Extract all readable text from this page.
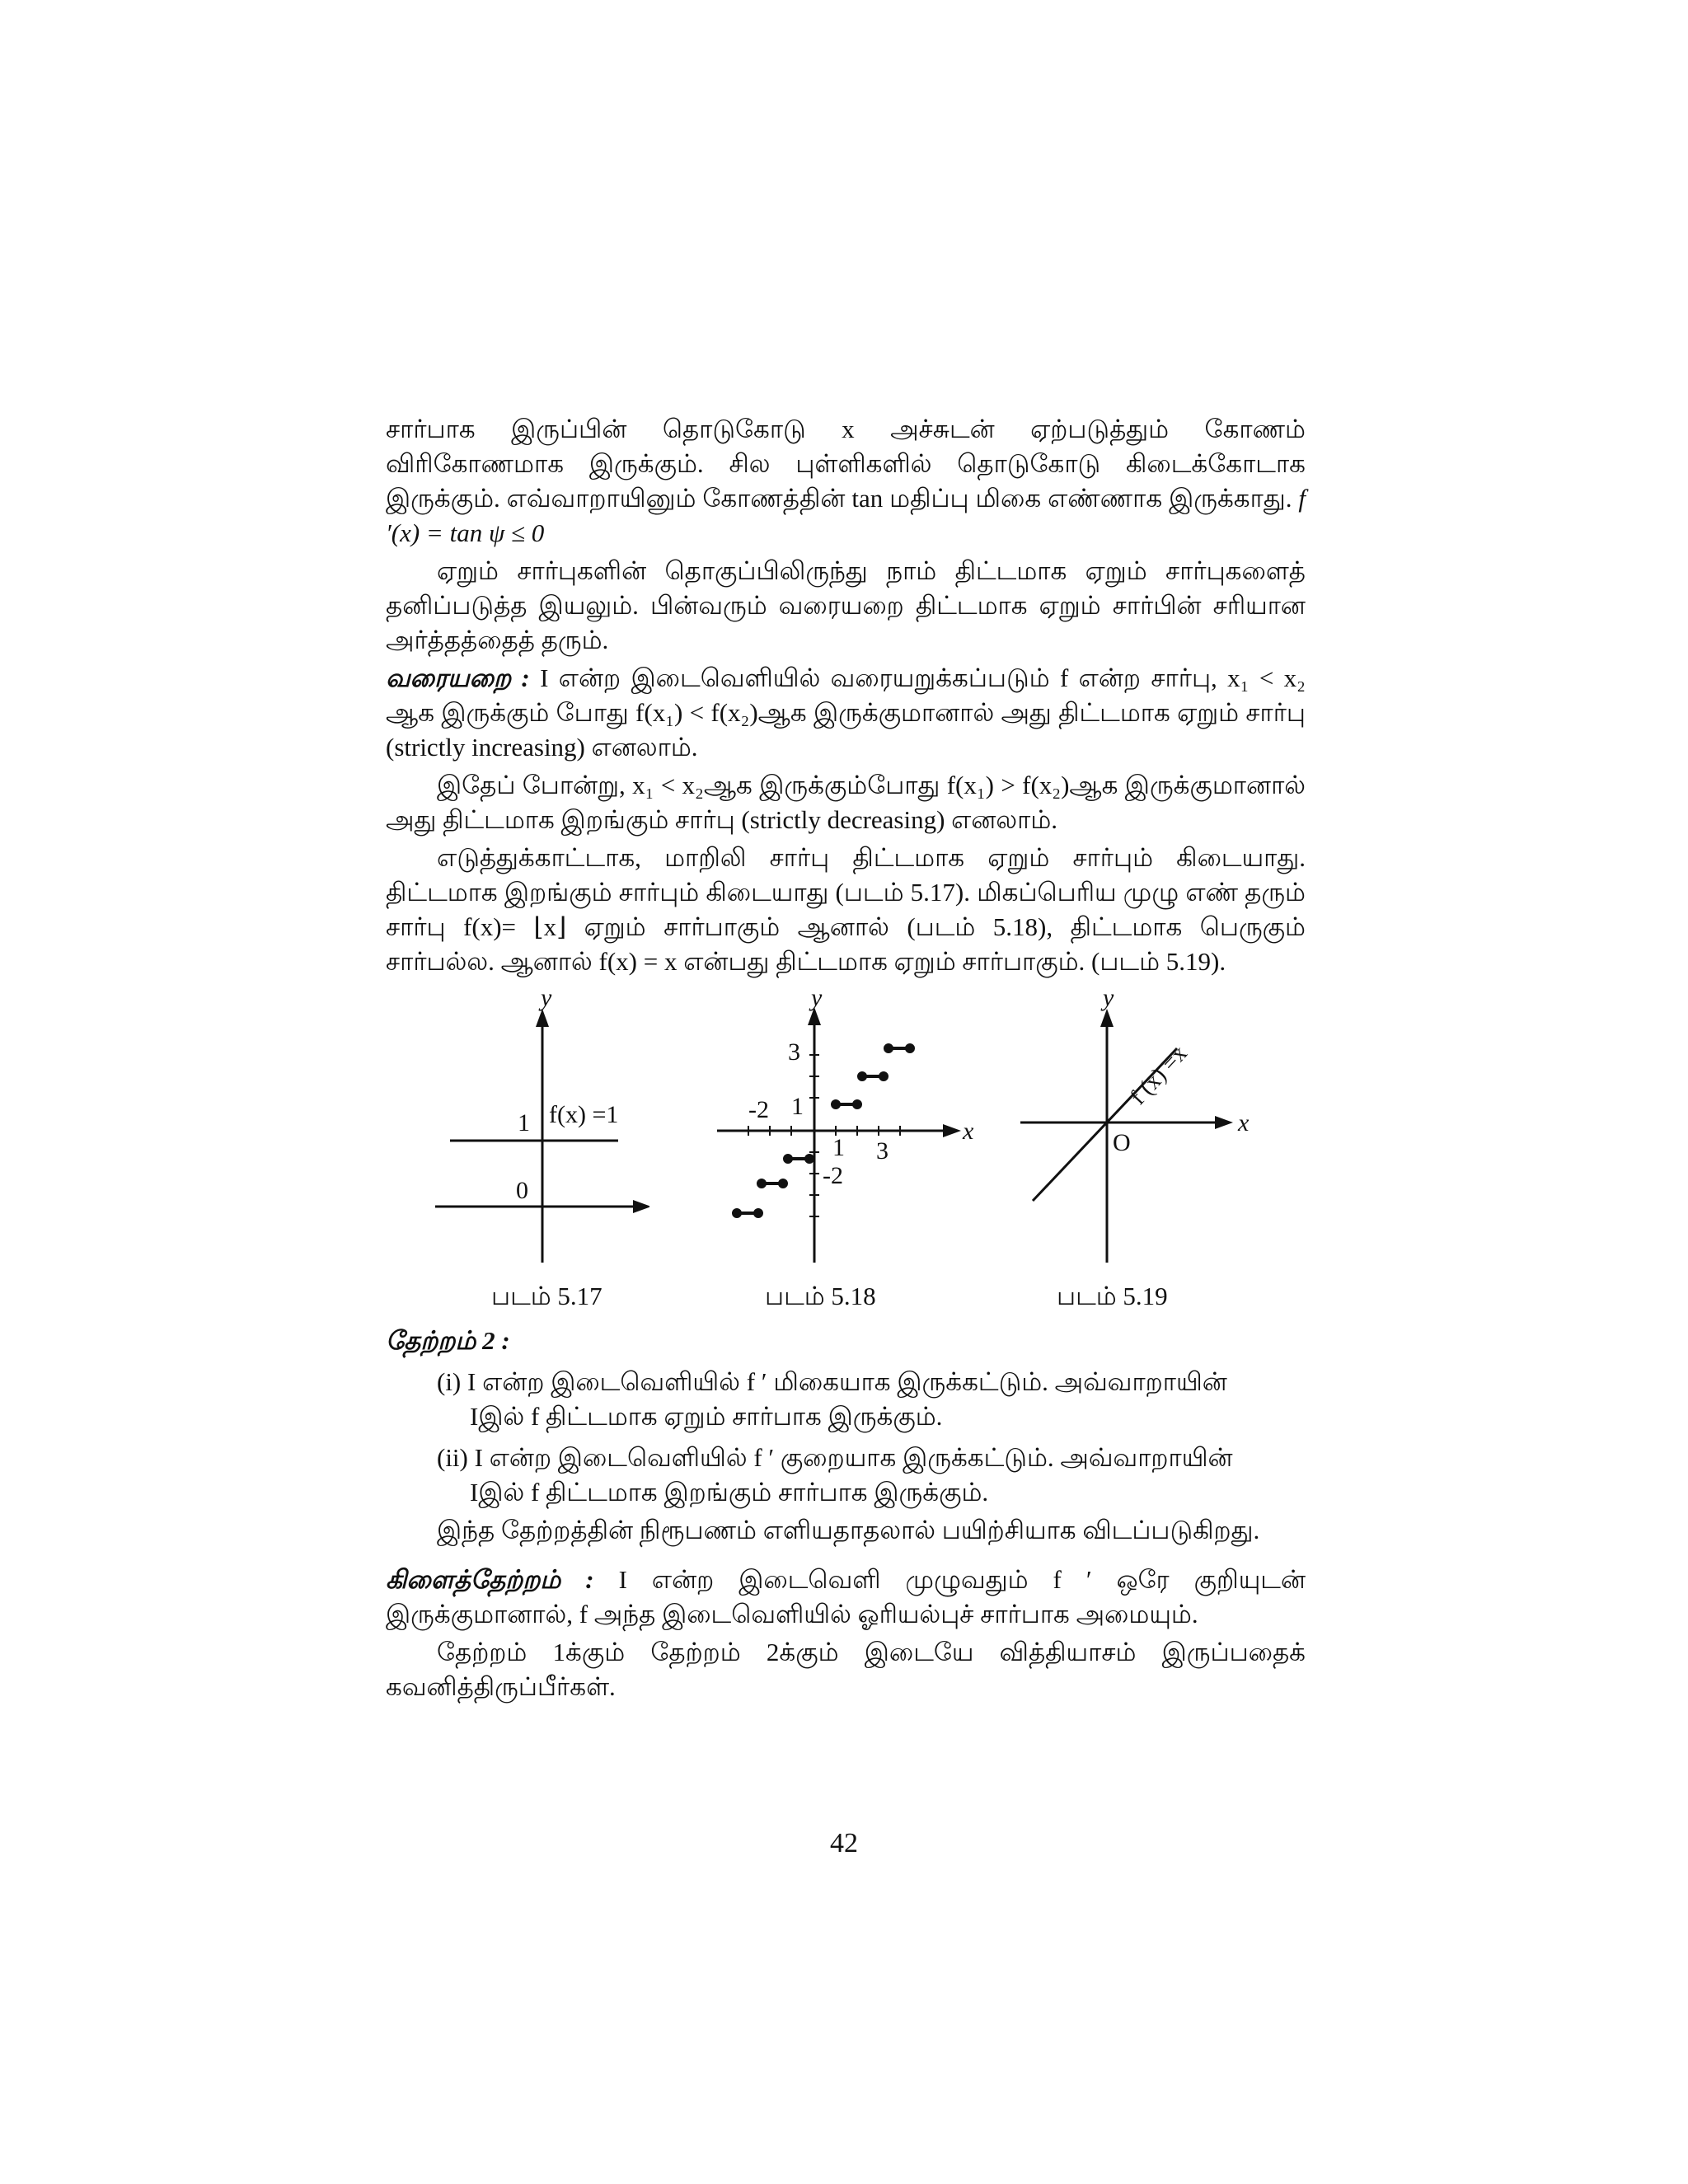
சார்பாக இருப்பின் தொடுகோடு x அச்சுடன் ஏற்படுத்தும் கோணம் விரிகோணமாக இருக்கும். சில புள்ளிகளில் தொடுகோடு கிடைக்கோடாக இருக்கும். எவ்வாறாயினும் கோணத்தின் tan மதிப்பு மிகை எண்ணாக இருக்காது. f ′(x) = tan ψ ≤ 0

ஏறும் சார்புகளின் தொகுப்பிலிருந்து நாம் திட்டமாக ஏறும் சார்புகளைத் தனிப்படுத்த இயலும். பின்வரும் வரையறை திட்டமாக ஏறும் சார்பின் சரியான அர்த்தத்தைத் தரும்.

வரையறை : I என்ற இடைவெளியில் வரையறுக்கப்படும் f என்ற சார்பு, x₁ < x₂ ஆக இருக்கும் போது f(x₁) < f(x₂)ஆக இருக்குமானால் அது திட்டமாக ஏறும் சார்பு (strictly increasing) எனலாம்.

இதேப் போன்று, x₁ < x₂ஆக இருக்கும்போது f(x₁) > f(x₂)ஆக இருக்குமானால் அது திட்டமாக இறங்கும் சார்பு (strictly decreasing) எனலாம்.

எடுத்துக்காட்டாக, மாறிலி சார்பு திட்டமாக ஏறும் சார்பும் கிடையாது. திட்டமாக இறங்கும் சார்பும் கிடையாது (படம் 5.17). மிகப்பெரிய முழு எண் தரும் சார்பு f(x)= ⌊x⌋ ஏறும் சார்பாகும் ஆனால் (படம் 5.18), திட்டமாக பெருகும் சார்பல்ல. ஆனால் f(x) = x என்பது திட்டமாக ஏறும் சார்பாகும். (படம் 5.19).

y
1 f(x) =1
0
y
x
3
1
-2
1 3
-2
y
x
O
f (x) =x
படம் 5.17	படம் 5.18	படம் 5.19

தேற்றம் 2 :

(i) I என்ற இடைவெளியில் f ′ மிகையாக இருக்கட்டும். அவ்வாறாயின்
Iஇல் f திட்டமாக ஏறும் சார்பாக இருக்கும்.

(ii) I என்ற இடைவெளியில் f ′ குறையாக இருக்கட்டும். அவ்வாறாயின்
Iஇல் f திட்டமாக இறங்கும் சார்பாக இருக்கும்.

இந்த தேற்றத்தின் நிரூபணம் எளியதாதலால் பயிற்சியாக விடப்படுகிறது.

கிளைத்தேற்றம் : I என்ற இடைவெளி முழுவதும் f ′ ஒரே குறியுடன் இருக்குமானால், f அந்த இடைவெளியில் ஓரியல்புச் சார்பாக அமையும்.

தேற்றம் 1க்கும் தேற்றம் 2க்கும் இடையே வித்தியாசம் இருப்பதைக் கவனித்திருப்பீர்கள்.

42
